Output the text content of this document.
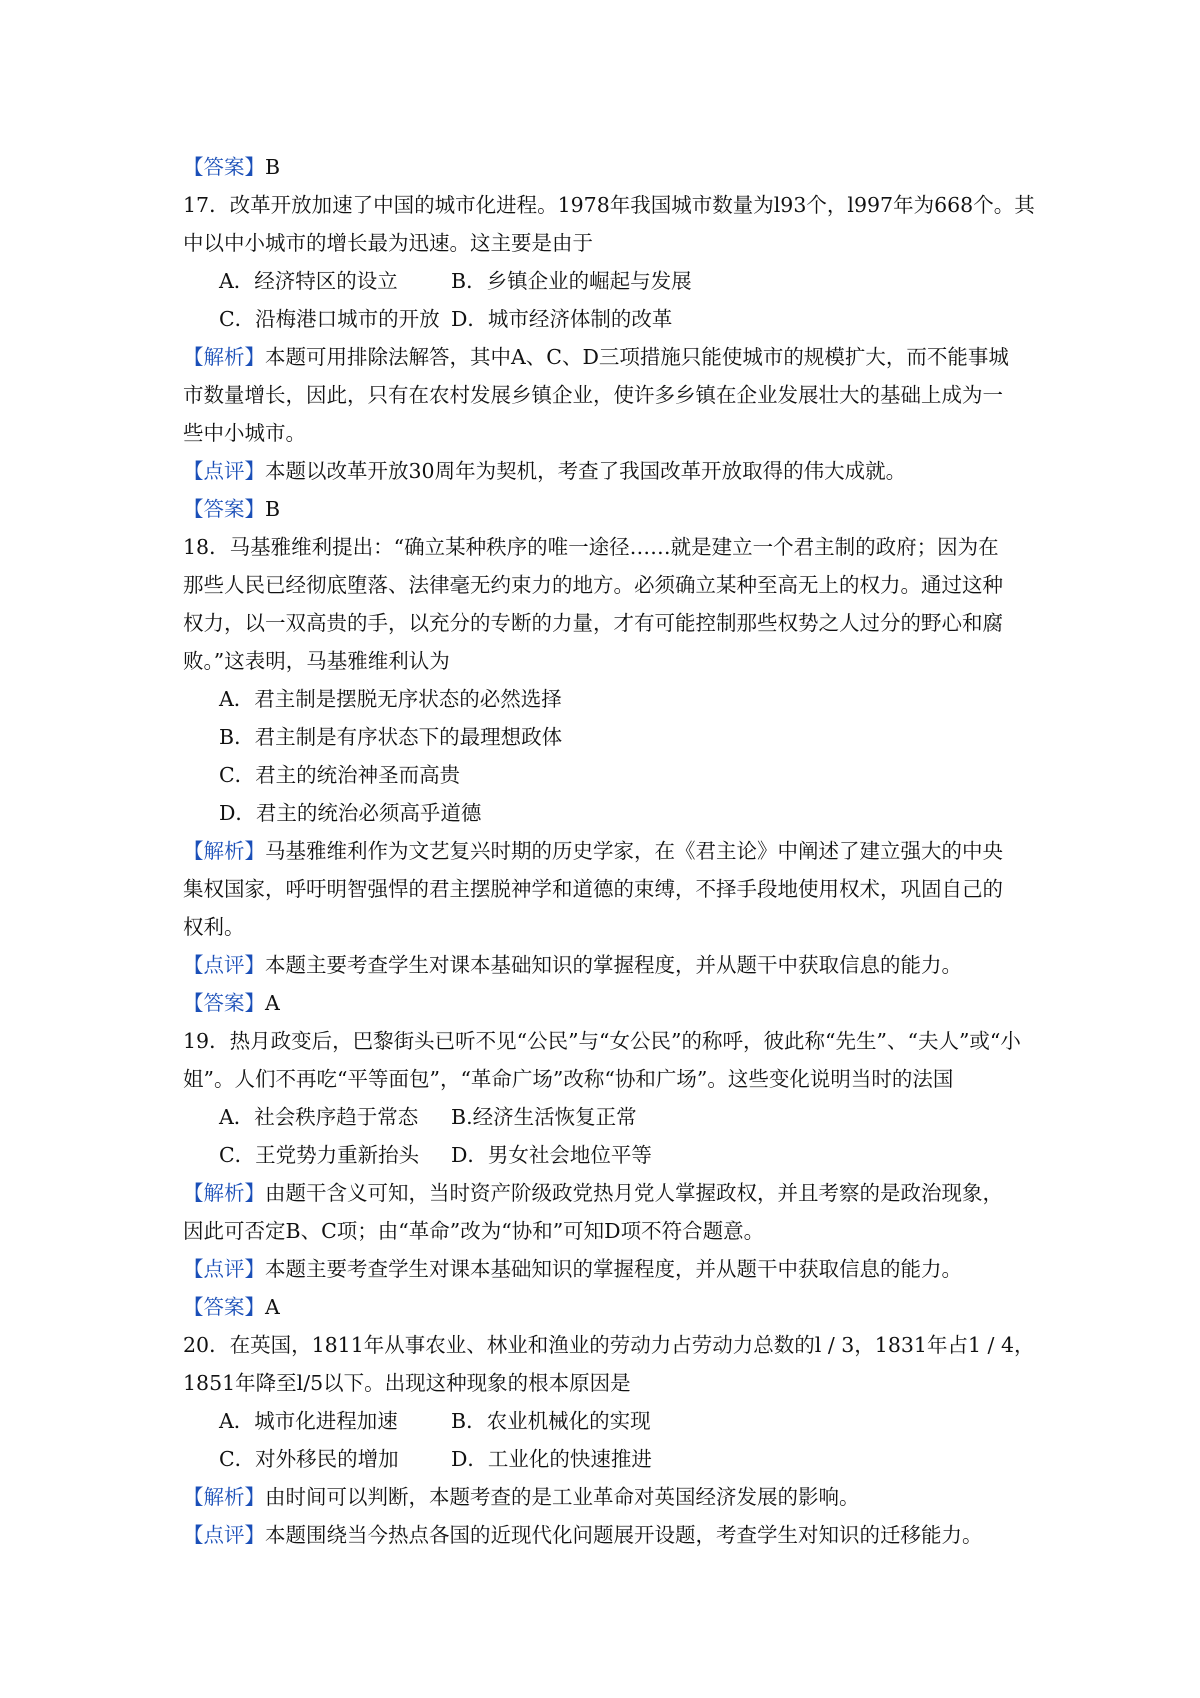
【答案】B
17．改革开放加速了中国的城市化进程。1978年我国城市数量为l93个，l997年为668个。其
中以中小城市的增长最为迅速。这主要是由于
A．经济特区的设立	B．乡镇企业的崛起与发展
C．沿梅港口城市的开放 D．城市经济体制的改革
【解析】本题可用排除法解答，其中A、C、D三项措施只能使城市的规模扩大，而不能事城
市数量增长，因此，只有在农村发展乡镇企业，使许多乡镇在企业发展壮大的基础上成为一
些中小城市。
【点评】本题以改革开放30周年为契机，考查了我国改革开放取得的伟大成就。
【答案】B
18．马基雅维利提出：“确立某种秩序的唯一途径……就是建立一个君主制的政府；因为在
那些人民已经彻底堕落、法律毫无约束力的地方。必须确立某种至高无上的权力。通过这种
权力，以一双高贵的手，以充分的专断的力量，才有可能控制那些权势之人过分的野心和腐
败。”这表明，马基雅维利认为
A．君主制是摆脱无序状态的必然选择
B．君主制是有序状态下的最理想政体
C．君主的统治神圣而高贵
D．君主的统治必须高乎道德
【解析】马基雅维利作为文艺复兴时期的历史学家，在《君主论》中阐述了建立强大的中央
集权国家，呼吁明智强悍的君主摆脱神学和道德的束缚，不择手段地使用权术，巩固自己的
权利。
【点评】本题主要考查学生对课本基础知识的掌握程度，并从题干中获取信息的能力。
【答案】A
19．热月政变后，巴黎街头已听不见“公民”与“女公民”的称呼，彼此称“先生”、“夫人”或“小
姐”。人们不再吃“平等面包”，“革命广场”改称“协和广场”。这些变化说明当时的法国
A．社会秩序趋于常态 B.经济生活恢复正常
C．王党势力重新抬头 D．男女社会地位平等
【解析】由题干含义可知，当时资产阶级政党热月党人掌握政权，并且考察的是政治现象，
因此可否定B、C项；由“革命”改为“协和”可知D项不符合题意。
【点评】本题主要考查学生对课本基础知识的掌握程度，并从题干中获取信息的能力。
【答案】A
20．在英国，1811年从事农业、林业和渔业的劳动力占劳动力总数的l / 3，1831年占1 / 4，
1851年降至l/5以下。出现这种现象的根本原因是
A．城市化进程加速	B．农业机械化的实现
C．对外移民的增加	D．工业化的快速推进
【解析】由时间可以判断，本题考查的是工业革命对英国经济发展的影响。
【点评】本题围绕当今热点各国的近现代化问题展开设题，考查学生对知识的迁移能力。
